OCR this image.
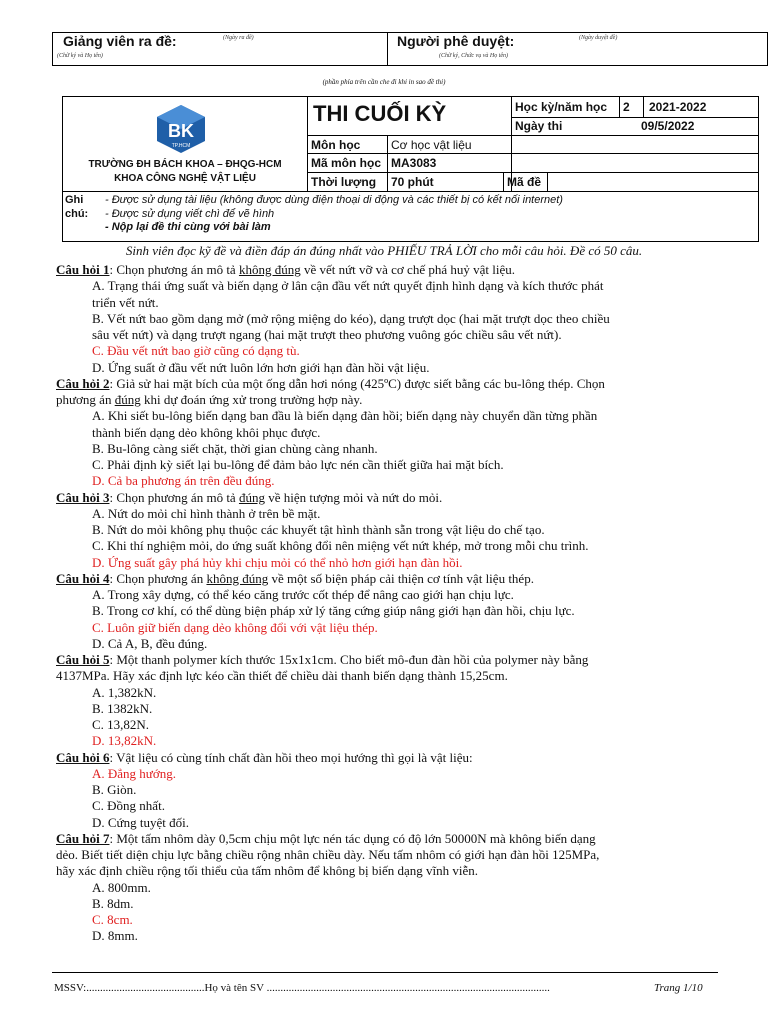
Giảng viên ra đề:	(Ngày ra đề)
(Chữ ký và Họ tên)
Người phê duyệt:	(Ngày duyệt đề)
(Chữ ký, Chức vụ và Họ tên)
(phần phía trên cần che đi khi in sao đề thi)
BK
TP.HCM
TRƯỜNG ĐH BÁCH KHOA – ĐHQG-HCM
KHOA CÔNG NGHỆ VẬT LIỆU
THI CUỐI KỲ	Học kỳ/năm học 2 2021-2022
Ngày thi	09/5/2022
Môn học	Cơ học vật liệu
Mã môn học MA3083
Thời lượng 70 phút	Mã đề
Ghi
chú:
- Được sử dụng tài liệu (không được dùng điện thoại di động và các thiết bị có kết nối internet)
- Được sử dụng viết chì để vẽ hình
- Nộp lại đề thi cùng với bài làm
Sinh viên đọc kỹ đề và điền đáp án đúng nhất vào PHIẾU TRẢ LỜI cho mỗi câu hỏi. Đề có 50 câu.
Câu hỏi 1: Chọn phương án mô tả không đúng về vết nứt vỡ và cơ chế phá huỷ vật liệu.
A. Trạng thái ứng suất và biến dạng ở lân cận đầu vết nứt quyết định hình dạng và kích thước phát
triển vết nứt.
B. Vết nứt bao gồm dạng mở (mở rộng miệng do kéo), dạng trượt dọc (hai mặt trượt dọc theo chiều
sâu vết nứt) và dạng trượt ngang (hai mặt trượt theo phương vuông góc chiều sâu vết nứt).
C. Đầu vết nứt bao giờ cũng có dạng tù.
D. Ứng suất ở đầu vết nứt luôn lớn hơn giới hạn đàn hồi vật liệu.
Câu hỏi 2: Giả sử hai mặt bích của một ống dẫn hơi nóng (425ºC) được siết bằng các bu-lông thép. Chọn
phương án đúng khi dự đoán ứng xử trong trường hợp này.
A. Khi siết bu-lông biến dạng ban đầu là biến dạng đàn hồi; biến dạng này chuyển dần từng phần
thành biến dạng dẻo không khôi phục được.
B. Bu-lông càng siết chặt, thời gian chùng càng nhanh.
C. Phải định kỳ siết lại bu-lông để đảm bảo lực nén cần thiết giữa hai mặt bích.
D. Cả ba phương án trên đều đúng.
Câu hỏi 3: Chọn phương án mô tả đúng về hiện tượng mỏi và nứt do mỏi.
A. Nứt do mỏi chỉ hình thành ở trên bề mặt.
B. Nứt do mỏi không phụ thuộc các khuyết tật hình thành sẵn trong vật liệu do chế tạo.
C. Khi thí nghiệm mỏi, do ứng suất không đổi nên miệng vết nứt khép, mở trong mỗi chu trình.
D. Ứng suất gây phá hủy khi chịu mỏi có thể nhỏ hơn giới hạn đàn hồi.
Câu hỏi 4: Chọn phương án không đúng về một số biện pháp cải thiện cơ tính vật liệu thép.
A. Trong xây dựng, có thể kéo căng trước cốt thép để nâng cao giới hạn chịu lực.
B. Trong cơ khí, có thể dùng biện pháp xử lý tăng cứng giúp nâng giới hạn đàn hồi, chịu lực.
C. Luôn giữ biến dạng dẻo không đổi với vật liệu thép.
D. Cả A, B, đều đúng.
Câu hỏi 5: Một thanh polymer kích thước 15x1x1cm. Cho biết mô-đun đàn hồi của polymer này bằng
4137MPa. Hãy xác định lực kéo cần thiết để chiều dài thanh biến dạng thành 15,25cm.
A. 1,382kN.
B. 1382kN.
C. 13,82N.
D. 13,82kN.
Câu hỏi 6: Vật liệu có cùng tính chất đàn hồi theo mọi hướng thì gọi là vật liệu:
A. Đẳng hướng.
B. Giòn.
C. Đồng nhất.
D. Cứng tuyệt đối.
Câu hỏi 7: Một tấm nhôm dày 0,5cm chịu một lực nén tác dụng có độ lớn 50000N mà không biến dạng
dẻo. Biết tiết diện chịu lực bằng chiều rộng nhân chiều dày. Nếu tấm nhôm có giới hạn đàn hồi 125MPa,
hãy xác định chiều rộng tối thiểu của tấm nhôm để không bị biến dạng vĩnh viễn.
A. 800mm.
B. 8dm.
C. 8cm.
D. 8mm.
MSSV:...........................................Họ và tên SV .......................................................................................................	Trang 1/10
